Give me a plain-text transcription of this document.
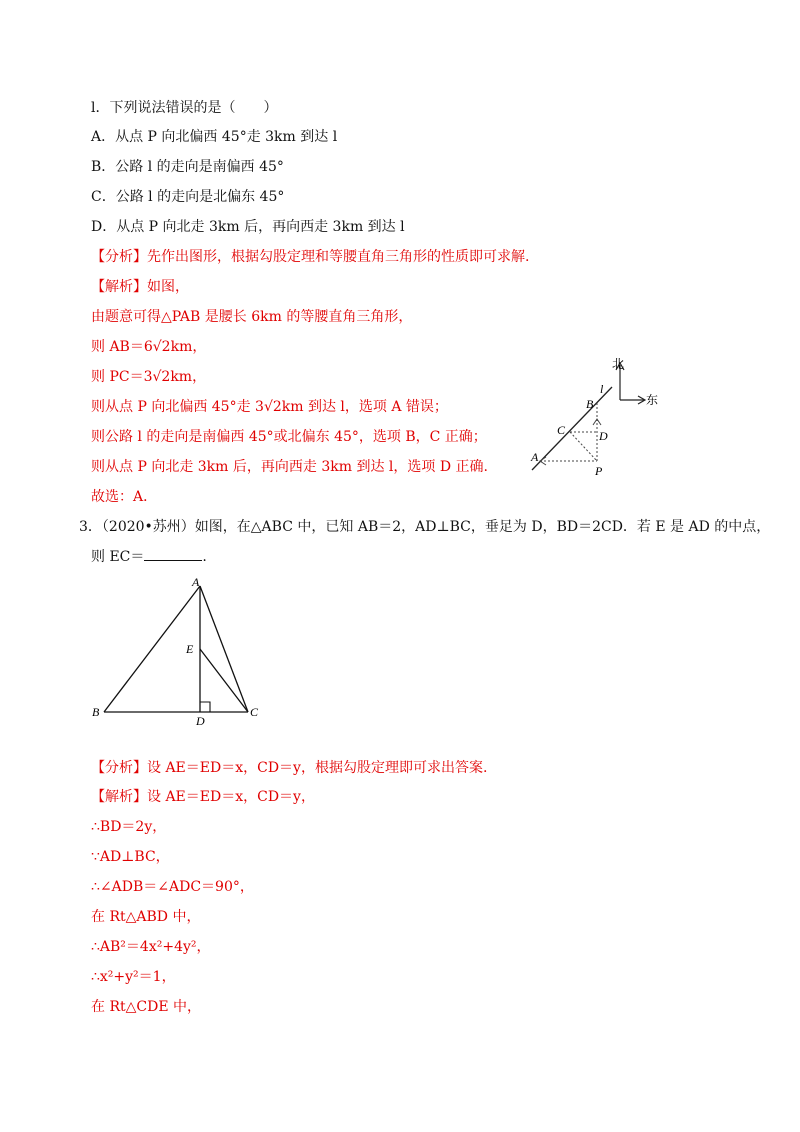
l．下列说法错误的是（　　）
A．从点 P 向北偏西 45°走 3km 到达 l
B．公路 l 的走向是南偏西 45°
C．公路 l 的走向是北偏东 45°
D．从点 P 向北走 3km 后，再向西走 3km 到达 l
【分析】先作出图形，根据勾股定理和等腰直角三角形的性质即可求解.
【解析】如图，
由题意可得△PAB 是腰长 6km 的等腰直角三角形，
则 AB＝6√2km，
则 PC＝3√2km，
则从点 P 向北偏西 45°走 3√2km 到达 l，选项 A 错误；
则公路 l 的走向是南偏西 45°或北偏东 45°，选项 B，C 正确；
则从点 P 向北走 3km 后，再向西走 3km 到达 l，选项 D 正确.
故选：A．
北
东
l
B
C	D
A
P
3．（2020•苏州）如图，在△ABC 中，已知 AB＝2，AD⊥BC，垂足为 D，BD＝2CD．若 E 是 AD 的中点，
则 EC＝	.
A
B	C
D
E
【分析】设 AE＝ED＝x，CD＝y，根据勾股定理即可求出答案.
【解析】设 AE＝ED＝x，CD＝y，
∴BD＝2y，
∵AD⊥BC，
∴∠ADB＝∠ADC＝90°，
在 Rt△ABD 中，
∴AB²＝4x²+4y²，
∴x²+y²＝1，
在 Rt△CDE 中，
